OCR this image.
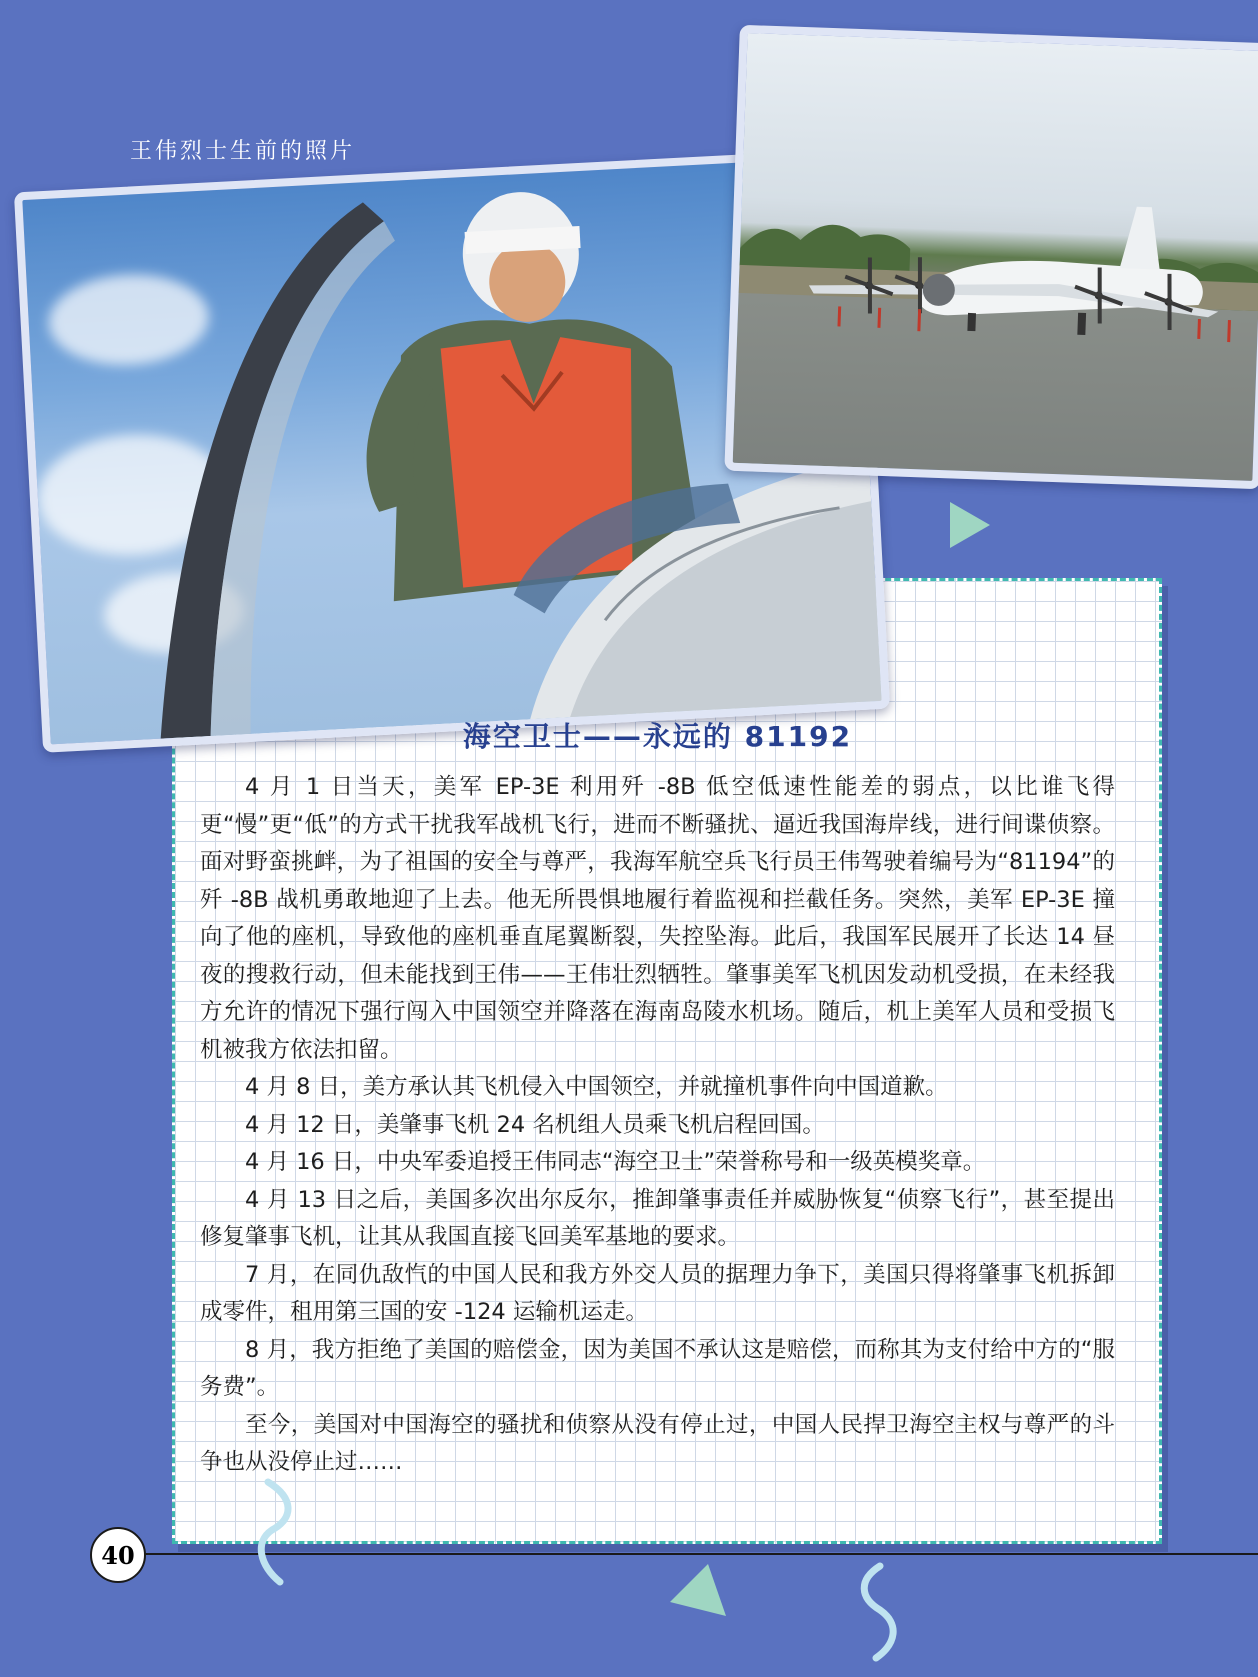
王伟烈士生前的照片
海空卫士——永远的 81192

4 月 1 日当天，美军 EP-3E 利用歼 -8B 低空低速性能差的弱点，以比谁飞得更“慢”更“低”的方式干扰我军战机飞行，进而不断骚扰、逼近我国海岸线，进行间谍侦察。面对野蛮挑衅，为了祖国的安全与尊严，我海军航空兵飞行员王伟驾驶着编号为“81194”的歼 -8B 战机勇敢地迎了上去。他无所畏惧地履行着监视和拦截任务。突然，美军 EP-3E 撞向了他的座机，导致他的座机垂直尾翼断裂，失控坠海。此后，我国军民展开了长达 14 昼夜的搜救行动，但未能找到王伟——王伟壮烈牺牲。肇事美军飞机因发动机受损，在未经我方允许的情况下强行闯入中国领空并降落在海南岛陵水机场。随后，机上美军人员和受损飞机被我方依法扣留。

4 月 8 日，美方承认其飞机侵入中国领空，并就撞机事件向中国道歉。

4 月 12 日，美肇事飞机 24 名机组人员乘飞机启程回国。

4 月 16 日，中央军委追授王伟同志“海空卫士”荣誉称号和一级英模奖章。

4 月 13 日之后，美国多次出尔反尔，推卸肇事责任并威胁恢复“侦察飞行”，甚至提出修复肇事飞机，让其从我国直接飞回美军基地的要求。

7 月，在同仇敌忾的中国人民和我方外交人员的据理力争下，美国只得将肇事飞机拆卸成零件，租用第三国的安 -124 运输机运走。

8 月，我方拒绝了美国的赔偿金，因为美国不承认这是赔偿，而称其为支付给中方的“服务费”。

至今，美国对中国海空的骚扰和侦察从没有停止过，中国人民捍卫海空主权与尊严的斗争也从没停止过……

40
